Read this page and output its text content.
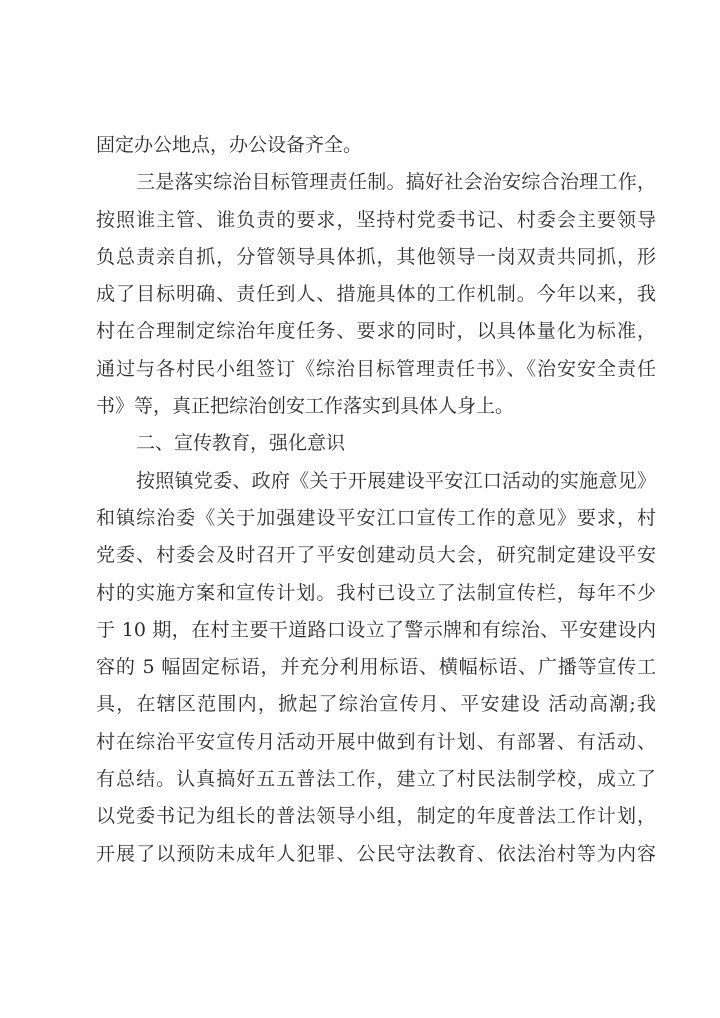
固定办公地点，办公设备齐全。
三是落实综治目标管理责任制。搞好社会治安综合治理工作，
按照谁主管、谁负责的要求，坚持村党委书记、村委会主要领导
负总责亲自抓，分管领导具体抓，其他领导一岗双责共同抓，形
成了目标明确、责任到人、措施具体的工作机制。今年以来，我
村在合理制定综治年度任务、要求的同时，以具体量化为标准，
通过与各村民小组签订《综治目标管理责任书》、《治安安全责任
书》等，真正把综治创安工作落实到具体人身上。
二、宣传教育，强化意识
按照镇党委、政府《关于开展建设平安江口活动的实施意见》
和镇综治委《关于加强建设平安江口宣传工作的意见》要求，村
党委、村委会及时召开了平安创建动员大会，研究制定建设平安
村的实施方案和宣传计划。我村已设立了法制宣传栏，每年不少
于 10 期，在村主要干道路口设立了警示牌和有综治、平安建设内
容的 5 幅固定标语，并充分利用标语、横幅标语、广播等宣传工
具，在辖区范围内，掀起了综治宣传月、平安建设 活动高潮;我
村在综治平安宣传月活动开展中做到有计划、有部署、有活动、
有总结。认真搞好五五普法工作，建立了村民法制学校，成立了
以党委书记为组长的普法领导小组，制定的年度普法工作计划，
开展了以预防未成年人犯罪、公民守法教育、依法治村等为内容
